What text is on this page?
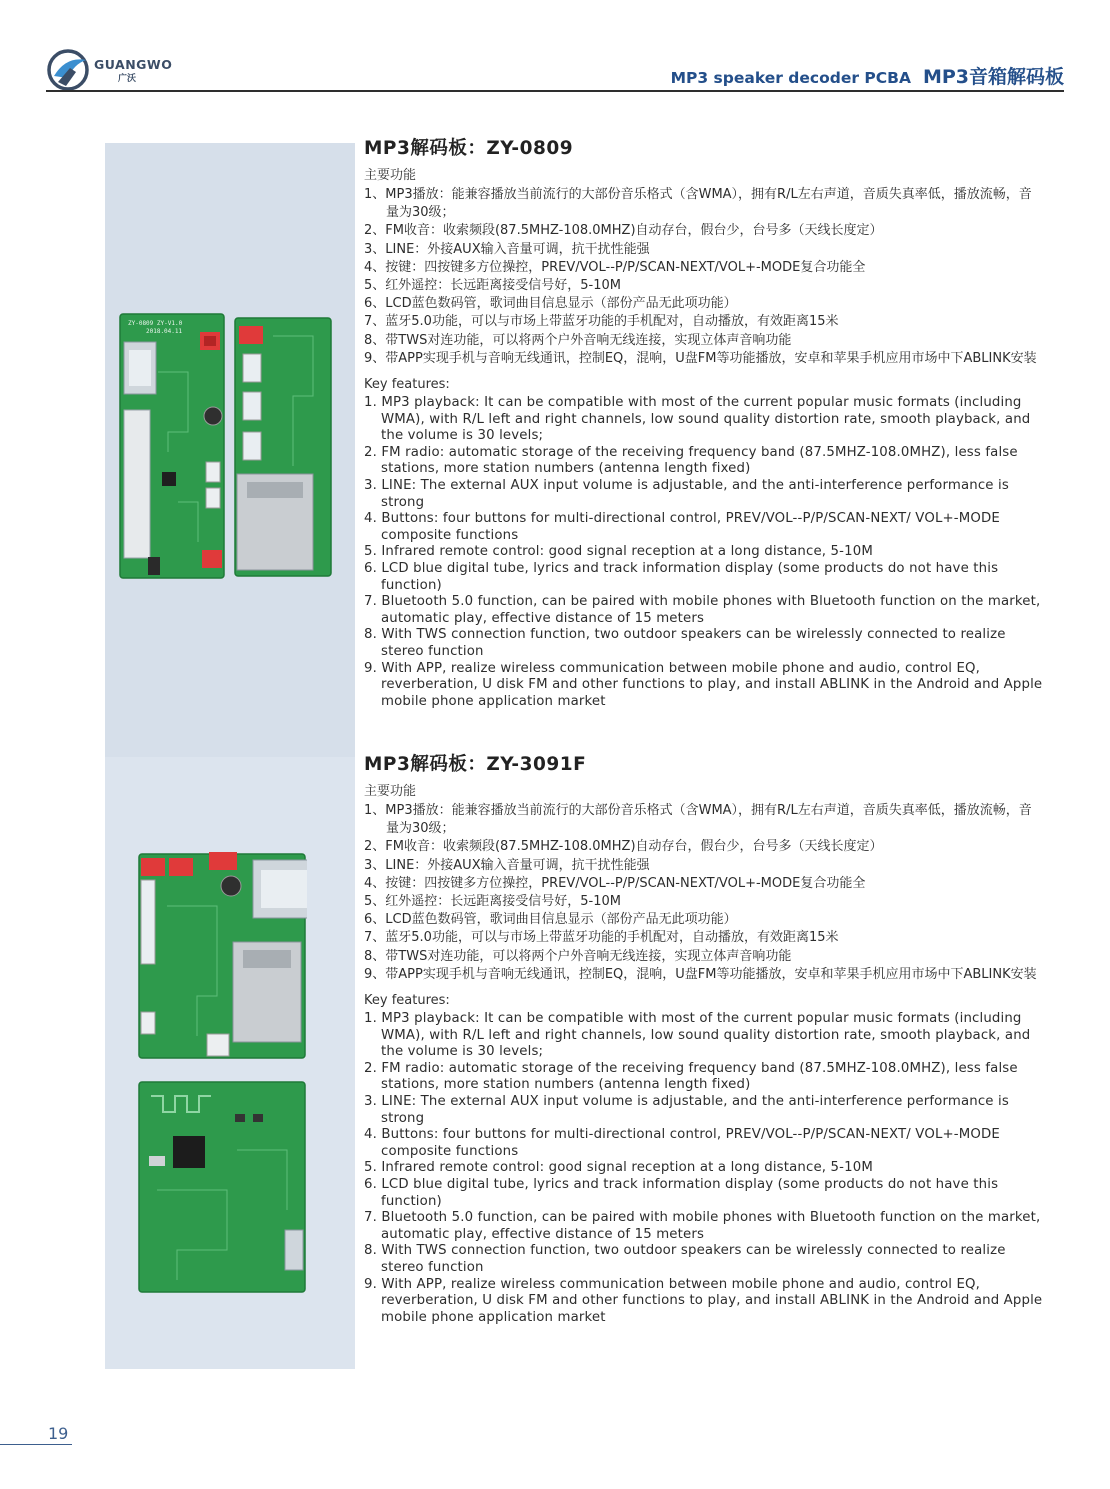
GUANGWO
广沃	MP3 speaker decoder PCBA MP3音箱解码板
ZY-0809 ZY-V1.0
2018.04.11
MP3解码板：ZY-0809
主要功能
1、MP3播放：能兼容播放当前流行的大部份音乐格式（含WMA），拥有R/L左右声道，音质失真率低，播放流畅，音量为30级；
2、FM收音：收索频段(87.5MHZ-108.0MHZ)自动存台，假台少，台号多（天线长度定）
3、LINE：外接AUX输入音量可调，抗干扰性能强
4、按键：四按键多方位操控，PREV/VOL--P/P/SCAN-NEXT/VOL+-MODE复合功能全
5、红外遥控：长远距离接受信号好，5-10M
6、LCD蓝色数码管，歌词曲目信息显示（部份产品无此项功能）
7、蓝牙5.0功能，可以与市场上带蓝牙功能的手机配对，自动播放，有效距离15米
8、带TWS对连功能，可以将两个户外音响无线连接，实现立体声音响功能
9、带APP实现手机与音响无线通讯，控制EQ，混响，U盘FM等功能播放，安卓和苹果手机应用市场中下ABLINK安装
Key features:
1. MP3 playback: It can be compatible with most of the current popular music formats (including WMA), with R/L left and right channels, low sound quality distortion rate, smooth playback, and the volume is 30 levels;
2. FM radio: automatic storage of the receiving frequency band (87.5MHZ-108.0MHZ), less false stations, more station numbers (antenna length fixed)
3. LINE: The external AUX input volume is adjustable, and the anti-interference performance is strong
4. Buttons: four buttons for multi-directional control, PREV/VOL--P/P/SCAN-NEXT/ VOL+-MODE composite functions
5. Infrared remote control: good signal reception at a long distance, 5-10M
6. LCD blue digital tube, lyrics and track information display (some products do not have this function)
7. Bluetooth 5.0 function, can be paired with mobile phones with Bluetooth function on the market, automatic play, effective distance of 15 meters
8. With TWS connection function, two outdoor speakers can be wirelessly connected to realize stereo function
9. With APP, realize wireless communication between mobile phone and audio, control EQ, reverberation, U disk FM and other functions to play, and install ABLINK in the Android and Apple mobile phone application market
MP3解码板：ZY-3091F
主要功能
1、MP3播放：能兼容播放当前流行的大部份音乐格式（含WMA），拥有R/L左右声道，音质失真率低，播放流畅，音量为30级；
2、FM收音：收索频段(87.5MHZ-108.0MHZ)自动存台，假台少，台号多（天线长度定）
3、LINE：外接AUX输入音量可调，抗干扰性能强
4、按键：四按键多方位操控，PREV/VOL--P/P/SCAN-NEXT/VOL+-MODE复合功能全
5、红外遥控：长远距离接受信号好，5-10M
6、LCD蓝色数码管，歌词曲目信息显示（部份产品无此项功能）
7、蓝牙5.0功能，可以与市场上带蓝牙功能的手机配对，自动播放，有效距离15米
8、带TWS对连功能，可以将两个户外音响无线连接，实现立体声音响功能
9、带APP实现手机与音响无线通讯，控制EQ，混响，U盘FM等功能播放，安卓和苹果手机应用市场中下ABLINK安装
Key features:
1. MP3 playback: It can be compatible with most of the current popular music formats (including WMA), with R/L left and right channels, low sound quality distortion rate, smooth playback, and the volume is 30 levels;
2. FM radio: automatic storage of the receiving frequency band (87.5MHZ-108.0MHZ), less false stations, more station numbers (antenna length fixed)
3. LINE: The external AUX input volume is adjustable, and the anti-interference performance is strong
4. Buttons: four buttons for multi-directional control, PREV/VOL--P/P/SCAN-NEXT/ VOL+-MODE composite functions
5. Infrared remote control: good signal reception at a long distance, 5-10M
6. LCD blue digital tube, lyrics and track information display (some products do not have this function)
7. Bluetooth 5.0 function, can be paired with mobile phones with Bluetooth function on the market, automatic play, effective distance of 15 meters
8. With TWS connection function, two outdoor speakers can be wirelessly connected to realize stereo function
9. With APP, realize wireless communication between mobile phone and audio, control EQ, reverberation, U disk FM and other functions to play, and install ABLINK in the Android and Apple mobile phone application market
19
